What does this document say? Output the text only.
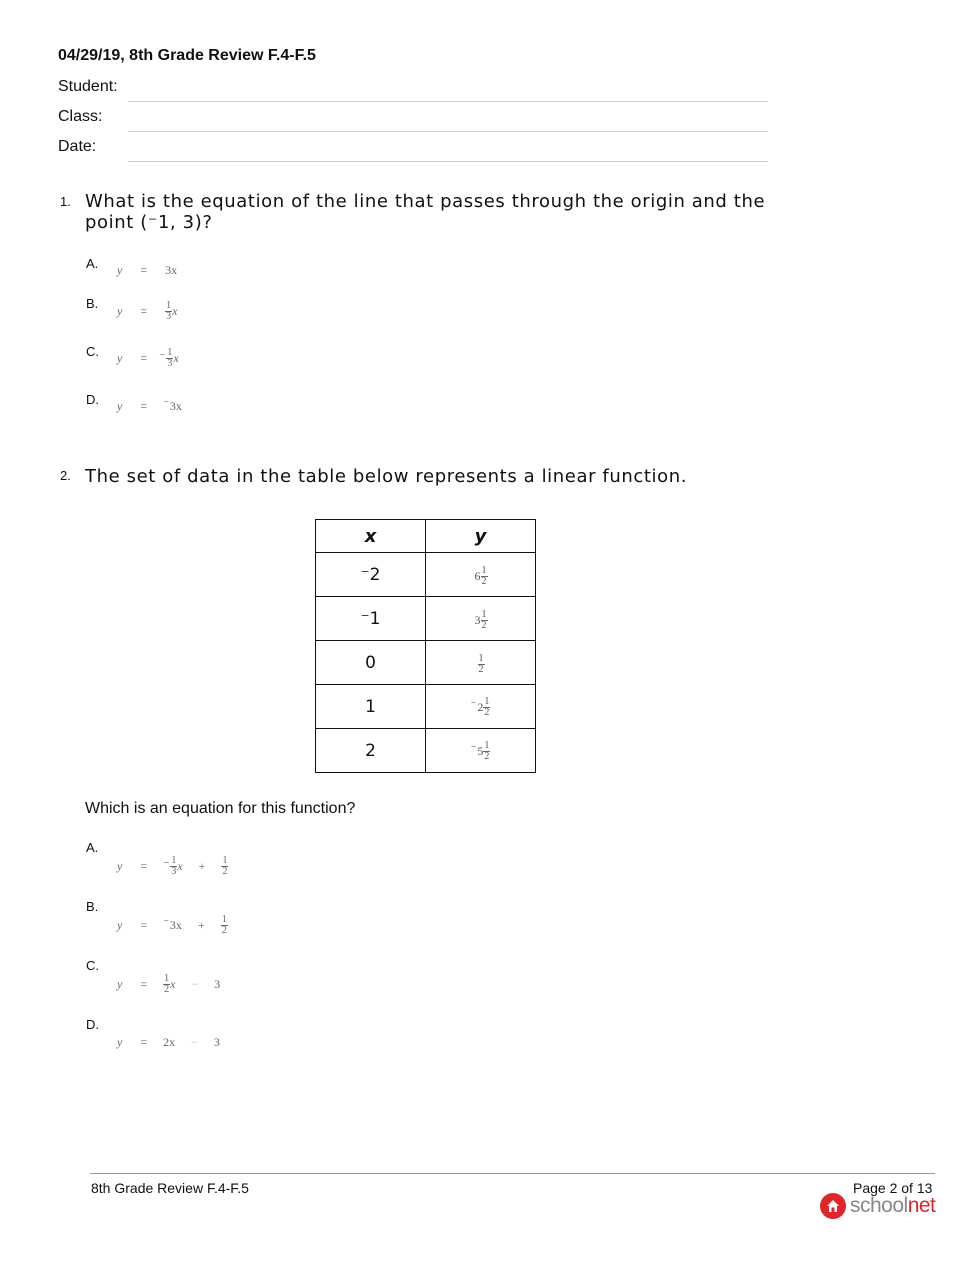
04/29/19, 8th Grade Review F.4-F.5
Student:
Class:
Date:
1. What is the equation of the line that passes through the origin and the point (⁻1, 3)?
A. y = 3x
B. $y = \frac{1}{3}$ x
C. y = − $\frac{1}{3}$ x
D. y = ⁻ 3x
2. The set of data in the table below represents a linear function.
x	y
⁻2	$6 \frac{1}{2}$

⁻1	$3 \frac{1}{2}$

0	$\frac{1}{2}$

1	⁻ $2 \frac{1}{2}$

2	⁻ $5 \frac{1}{2}$
Which is an equation for this function?
A.
y = − $\frac{1}{3}$ $x + \frac{1}{2}$
B.
y = ⁻ $3x + \frac{1}{2}$
C.
$y = \frac{1}{2}$ x − 3
D.
y = 2x − 3
8th Grade Review F.4-F.5	Page 2 of 13
schoolnet
